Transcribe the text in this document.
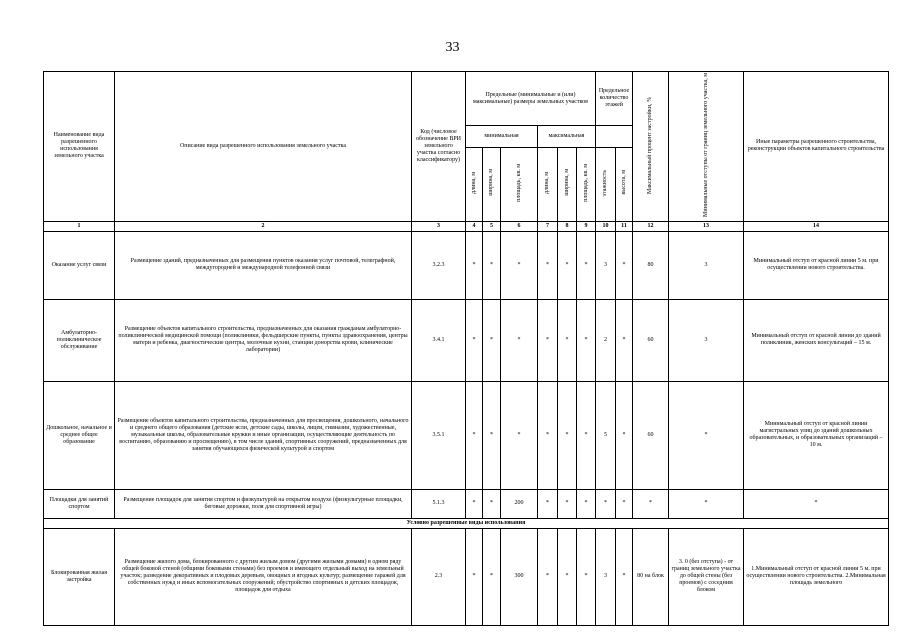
33
Наименование вида разрешенного использования земельного участка	Описание вида разрешенного использования земельного участка	Код (числовое обозначение ВРИ земельного участка согласно классификатору)	Предельные (минимальные и (или) максимальные) размеры земельных участков						Предельное количество этажей		Максимальный процент застройки, %	Минимальные отступы от границ земельного участка, м	Иные параметры разрешенного строительства, реконструкции объектов капитального строительства
			минимальная			максимальная							
			длина, м	ширина, м	площадь, кв. м	длина, м	ширина, м	площадь, кв. м	этажность	высота, м			
1	2	3	4	5	6	7	8	9	10	11	12	13	14
Оказание услуг связи	Размещение зданий, предназначенных для размещения пунктов оказания услуг почтовой, телеграфной, междугородней и международной телефонной связи	3.2.3	*	*	*	*	*	*	3	*	80	3	Минимальный отступ от красной линии 5 м. при осуществлении нового строительства.
Амбулаторно-поликлиническое обслуживание	Размещение объектов капитального строительства, предназначенных для оказания гражданам амбулаторно-поликлинической медицинской помощи (поликлиники, фельдшерские пункты, пункты здравоохранения, центры матери и ребенка, диагностические центры, молочные кухни, станции донорства крови, клинические лаборатории)	3.4.1	*	*	*	*	*	*	2	*	60	3	Минимальный отступ от красной линии до зданий поликлиник, женских консультаций – 15 м.
Дошкольное, начальное и среднее общее образование	Размещение объектов капитального строительства, предназначенных для просвещения, дошкольного, начального и среднего общего образования (детские ясли, детские сады, школы, лицеи, гимназии, художественные, музыкальные школы, образовательные кружки и иные организации, осуществляющие деятельность по воспитанию, образованию и просвещению), в том числе зданий, спортивных сооружений, предназначенных для занятия обучающихся физической культурой и спортом	3.5.1	*	*	*	*	*	*	5	*	60	*	Минимальный отступ от красной линии магистральных улиц до зданий дошкольных образовательных, и образовательных организаций – 10 м.
Площадки для занятий спортом	Размещение площадок для занятия спортом и физкультурой на открытом воздухе (физкультурные площадки, беговые дорожки, поля для спортивной игры)	5.1.3	*	*	200	*	*	*	*	*	*	*	*
Условно разрешенные виды использования													
Блокированная жилая застройка	Размещение жилого дома, блокированного с другим жилым домом (другими жилыми домами) в одном ряду общей боковой стеной (общими боковыми стенами) без проемов и имеющего отдельный выход на земельный участок; разведение декоративных и плодовых деревьев, овощных и ягодных культур; размещение гаражей для собственных нужд и иных вспомогательных сооружений; обустройство спортивных и детских площадок, площадок для отдыха	2.3	*	*	300	*	*	*	3	*	80 на блок	3. 0 (без отступа) - от границ земельного участка до общей стены (без проемов) с соседним блоком	1.Минимальный отступ от красной линии 5 м. при осуществлении нового строительства. 2.Минимальная площадь земельного
